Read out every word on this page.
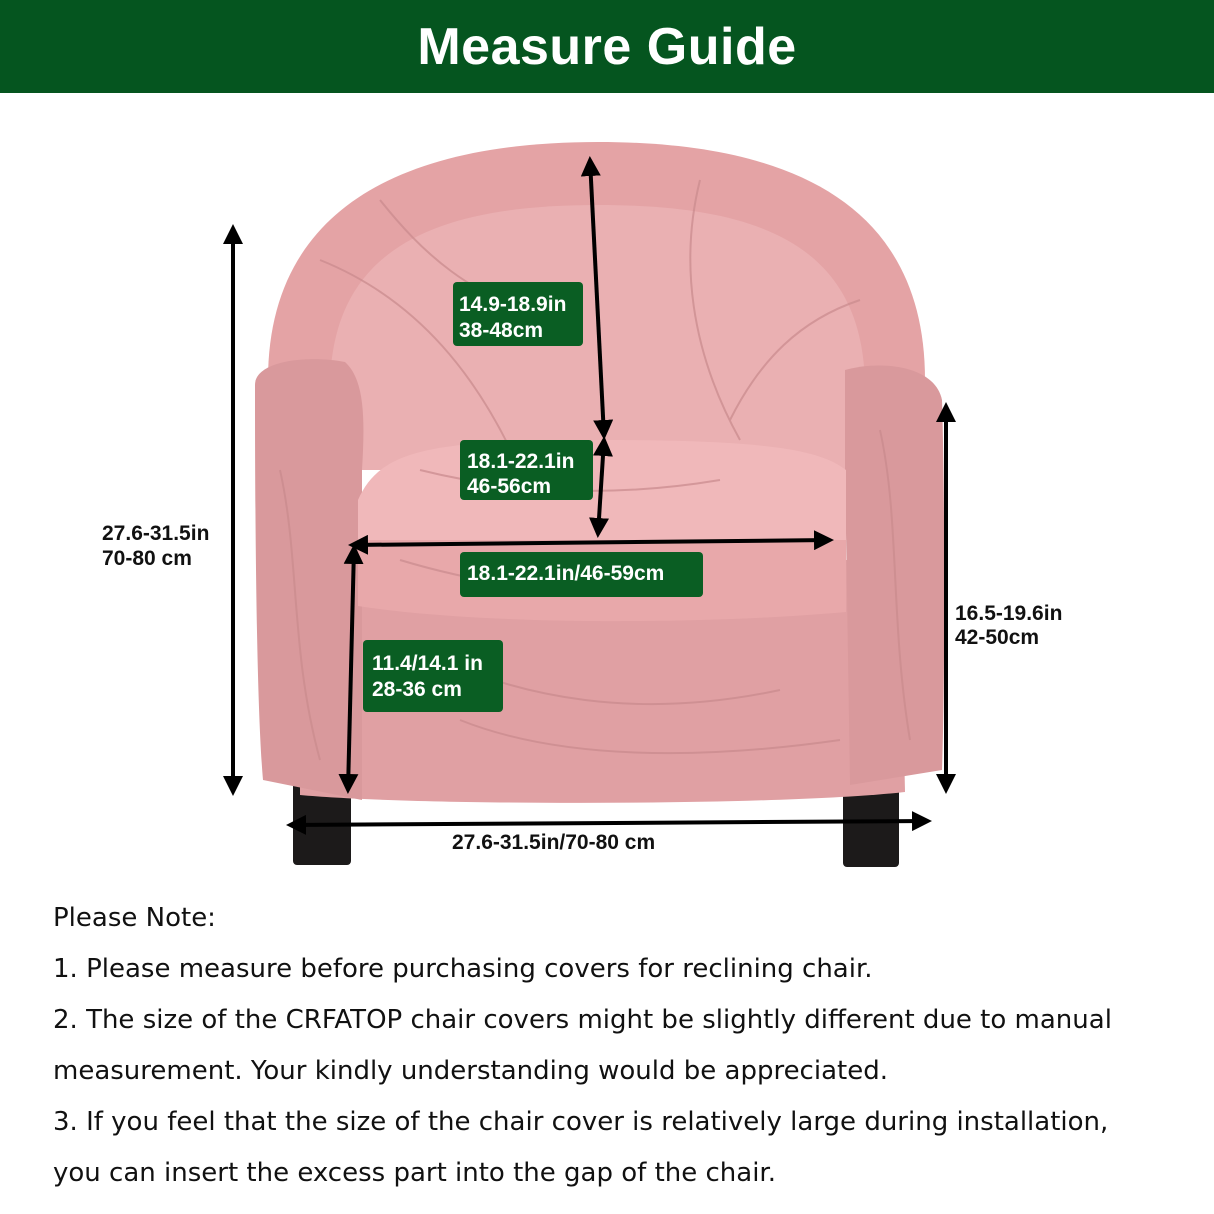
Measure Guide
14.9-18.9in
38-48cm
18.1-22.1in
46-56cm
18.1-22.1in/46-59cm
11.4/14.1 in
28-36 cm
27.6-31.5in
70-80 cm
16.5-19.6in
42-50cm
27.6-31.5in/70-80 cm

Please Note:

1. Please measure before purchasing covers for reclining chair.

2. The size of the CRFATOP chair covers might be slightly different due to manual

measurement. Your kindly understanding would be appreciated.

3. If you feel that the size of the chair cover is relatively large during installation,

you can insert the excess part into the gap of the chair.
